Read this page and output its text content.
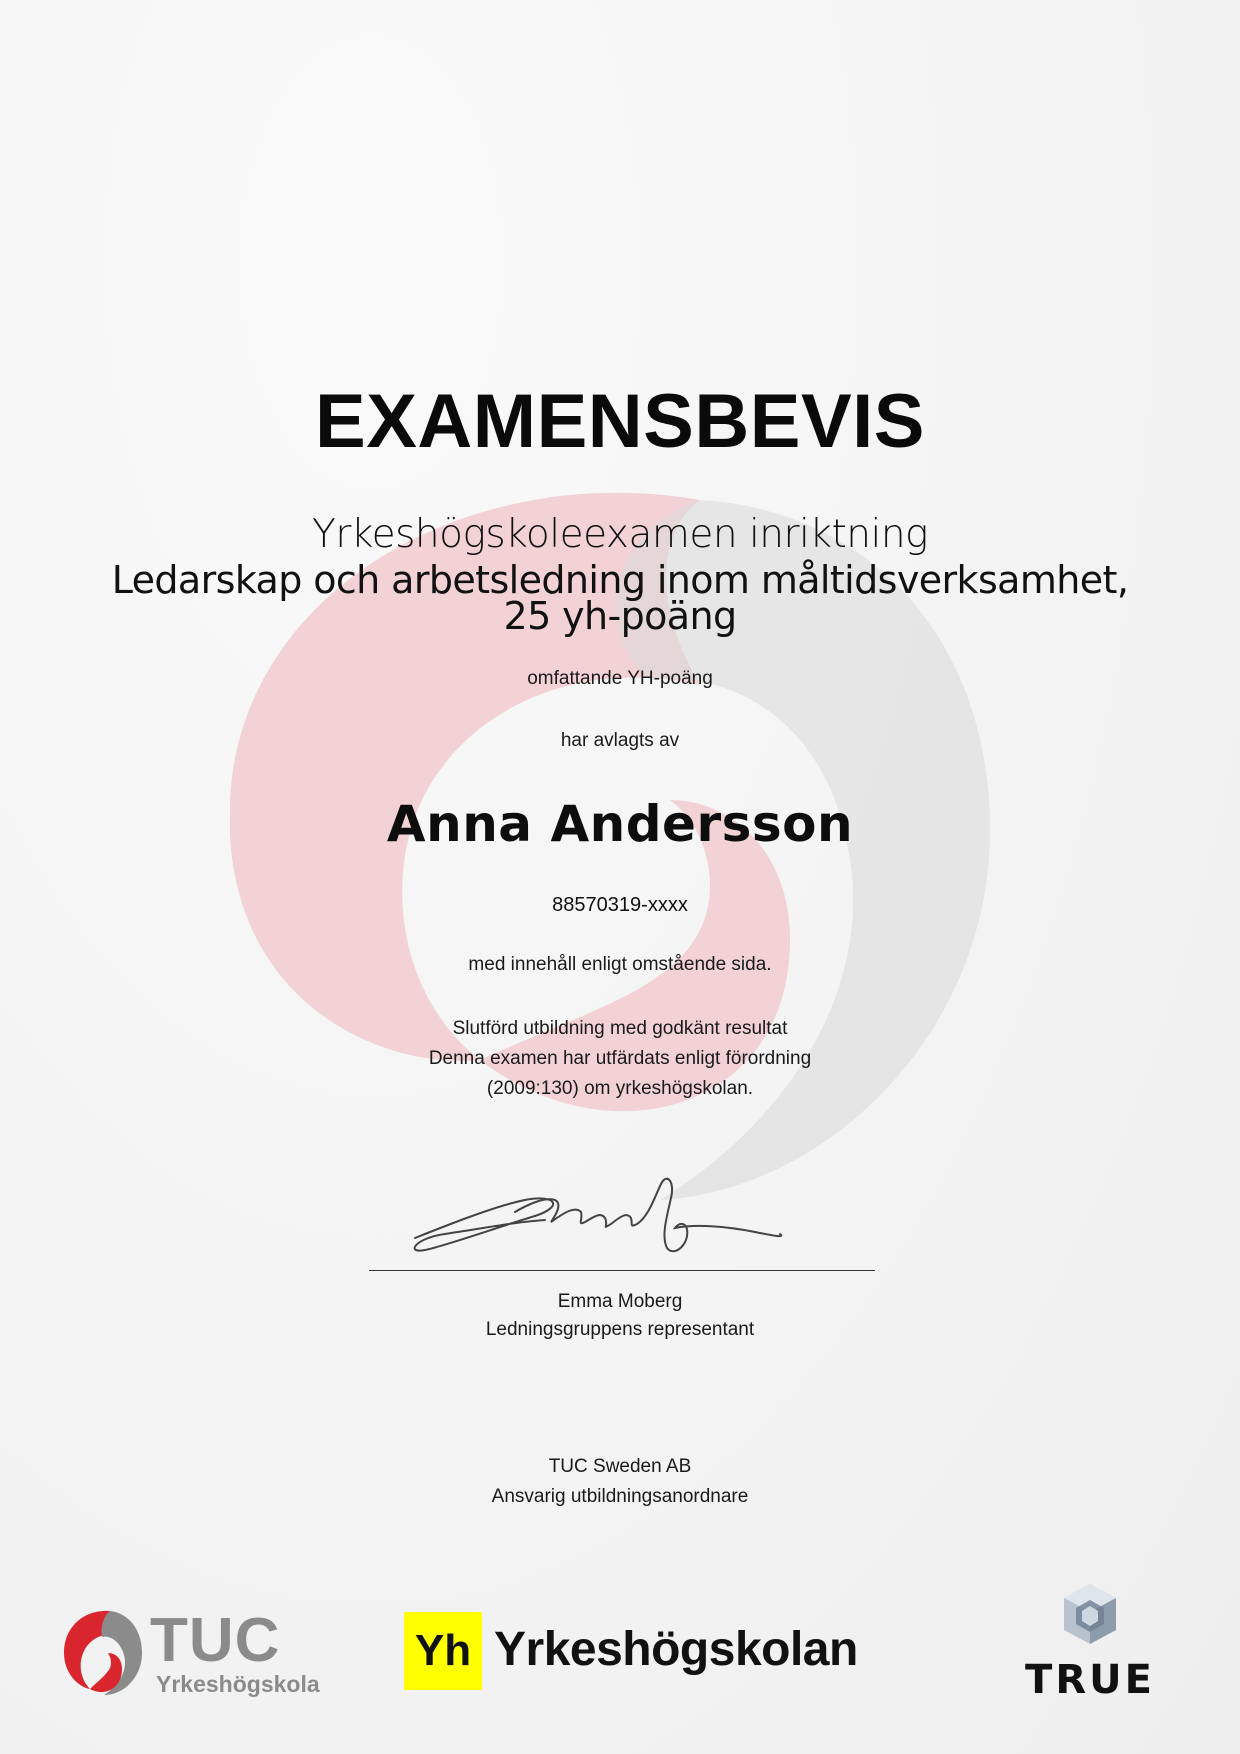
EXAMENSBEVIS
Yrkeshögskoleexamen inriktning
Ledarskap och arbetsledning inom måltidsverksamhet, 25 yh-poäng
omfattande YH-poäng
har avlagts av
Anna Andersson
88570319-xxxx
med innehåll enligt omstående sida.
Slutförd utbildning med godkänt resultat
Denna examen har utfärdats enligt förordning
(2009:130) om yrkeshögskolan.
Emma Moberg
Ledningsgruppens representant
TUC Sweden AB
Ansvarig utbildningsanordnare
TUC
Yrkeshögskola
Yh Yrkeshögskolan
TRUE
